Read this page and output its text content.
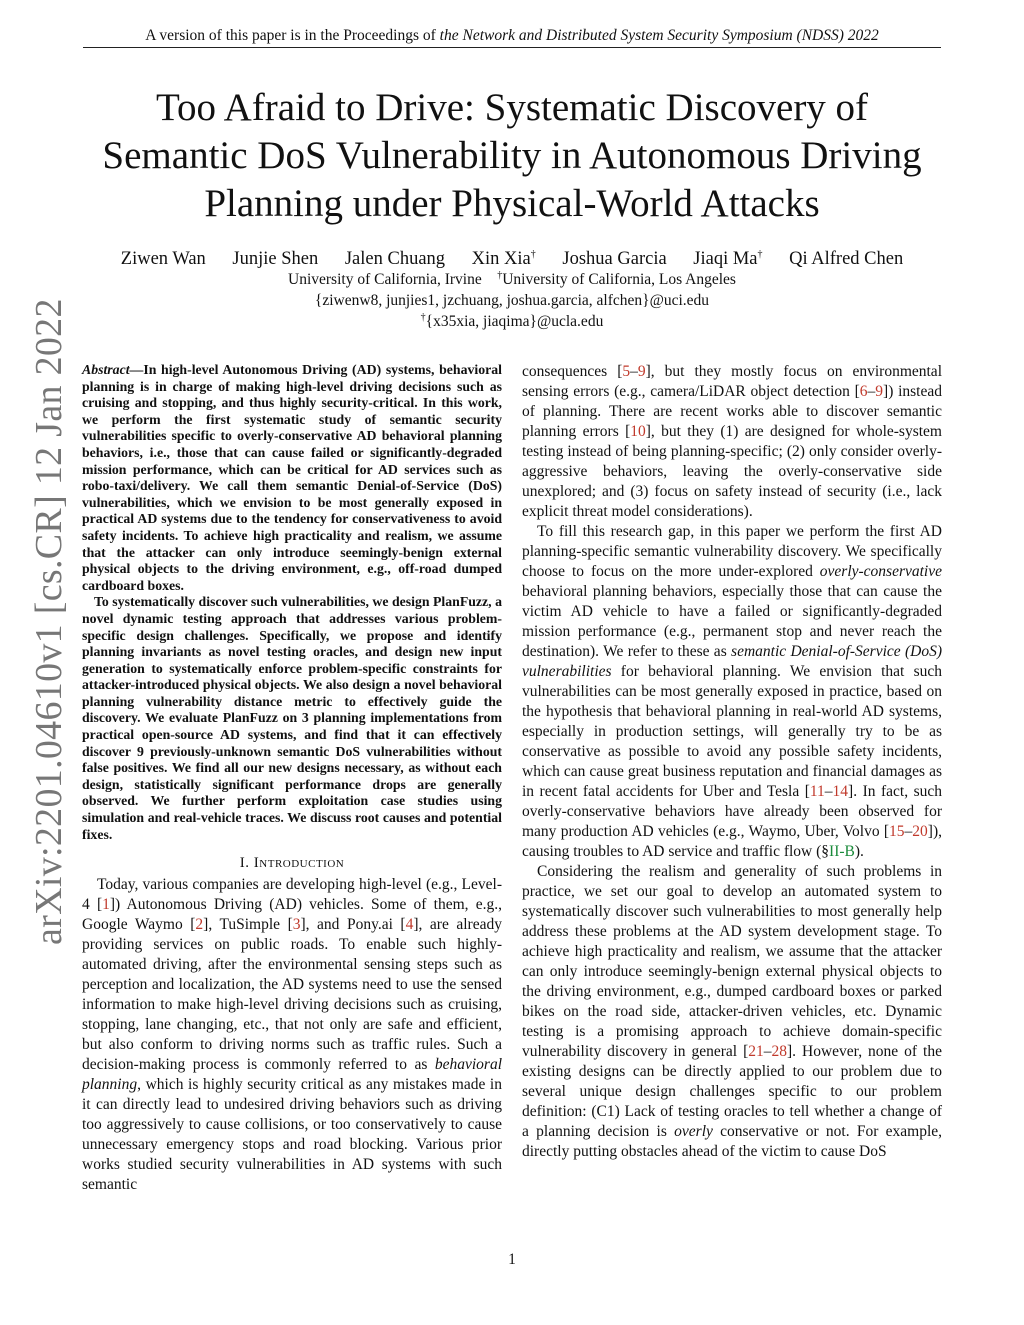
A version of this paper is in the Proceedings of the Network and Distributed System Security Symposium (NDSS) 2022
Too Afraid to Drive: Systematic Discovery of
Semantic DoS Vulnerability in Autonomous Driving
Planning under Physical-World Attacks
Ziwen Wan Junjie Shen Jalen Chuang Xin Xia† Joshua Garcia Jiaqi Ma† Qi Alfred Chen
University of California, Irvine †University of California, Los Angeles
{ziwenw8, junjies1, jzchuang, joshua.garcia, alfchen}@uci.edu
†{x35xia, jiaqima}@ucla.edu
arXiv:2201.04610v1 [cs.CR] 12 Jan 2022 Abstract—In high-level Autonomous Driving (AD) systems, behavioral planning is in charge of making high-level driving decisions such as cruising and stopping, and thus highly security-critical. In this work, we perform the first systematic study of semantic security vulnerabilities specific to overly-conservative AD behavioral planning behaviors, i.e., those that can cause failed or significantly-degraded mission performance, which can be critical for AD services such as robo-taxi/delivery. We call them semantic Denial-of-Service (DoS) vulnerabilities, which we envision to be most generally exposed in practical AD systems due to the tendency for conservativeness to avoid safety incidents. To achieve high practicality and realism, we assume that the attacker can only introduce seemingly-benign external physical objects to the driving environment, e.g., off-road dumped cardboard boxes.

To systematically discover such vulnerabilities, we design PlanFuzz, a novel dynamic testing approach that addresses various problem-specific design challenges. Specifically, we propose and identify planning invariants as novel testing oracles, and design new input generation to systematically enforce problem-specific constraints for attacker-introduced physical objects. We also design a novel behavioral planning vulnerability distance metric to effectively guide the discovery. We evaluate PlanFuzz on 3 planning implementations from practical open-source AD systems, and find that it can effectively discover 9 previously-unknown semantic DoS vulnerabilities without false positives. We find all our new designs necessary, as without each design, statistically significant performance drops are generally observed. We further perform exploitation case studies using simulation and real-vehicle traces. We discuss root causes and potential fixes.

I. Introduction

Today, various companies are developing high-level (e.g., Level-4 [1]) Autonomous Driving (AD) vehicles. Some of them, e.g., Google Waymo [2], TuSimple [3], and Pony.ai [4], are already providing services on public roads. To enable such highly-automated driving, after the environmental sensing steps such as perception and localization, the AD systems need to use the sensed information to make high-level driving decisions such as cruising, stopping, lane changing, etc., that not only are safe and efficient, but also conform to driving norms such as traffic rules. Such a decision-making process is commonly referred to as behavioral planning, which is highly security critical as any mistakes made in it can directly lead to undesired driving behaviors such as driving too aggressively to cause collisions, or too conservatively to cause unnecessary emergency stops and road blocking. Various prior works studied security vulnerabilities in AD systems with such semantic

consequences [5–9], but they mostly focus on environmental sensing errors (e.g., camera/LiDAR object detection [6–9]) instead of planning. There are recent works able to discover semantic planning errors [10], but they (1) are designed for whole-system testing instead of being planning-specific; (2) only consider overly-aggressive behaviors, leaving the overly-conservative side unexplored; and (3) focus on safety instead of security (i.e., lack explicit threat model considerations).

To fill this research gap, in this paper we perform the first AD planning-specific semantic vulnerability discovery. We specifically choose to focus on the more under-explored overly-conservative behavioral planning behaviors, especially those that can cause the victim AD vehicle to have a failed or significantly-degraded mission performance (e.g., permanent stop and never reach the destination). We refer to these as semantic Denial-of-Service (DoS) vulnerabilities for behavioral planning. We envision that such vulnerabilities can be most generally exposed in practice, based on the hypothesis that behavioral planning in real-world AD systems, especially in production settings, will generally try to be as conservative as possible to avoid any possible safety incidents, which can cause great business reputation and financial damages as in recent fatal accidents for Uber and Tesla [11–14]. In fact, such overly-conservative behaviors have already been observed for many production AD vehicles (e.g., Waymo, Uber, Volvo [15–20]), causing troubles to AD service and traffic flow (§II-B).

Considering the realism and generality of such problems in practice, we set our goal to develop an automated system to systematically discover such vulnerabilities to most generally help address these problems at the AD system development stage. To achieve high practicality and realism, we assume that the attacker can only introduce seemingly-benign external physical objects to the driving environment, e.g., dumped cardboard boxes or parked bikes on the road side, attacker-driven vehicles, etc. Dynamic testing is a promising approach to achieve domain-specific vulnerability discovery in general [21–28]. However, none of the existing designs can be directly applied to our problem due to several unique design challenges specific to our problem definition: (C1) Lack of testing oracles to tell whether a change of a planning decision is overly conservative or not. For example, directly putting obstacles ahead of the victim to cause DoS

1
